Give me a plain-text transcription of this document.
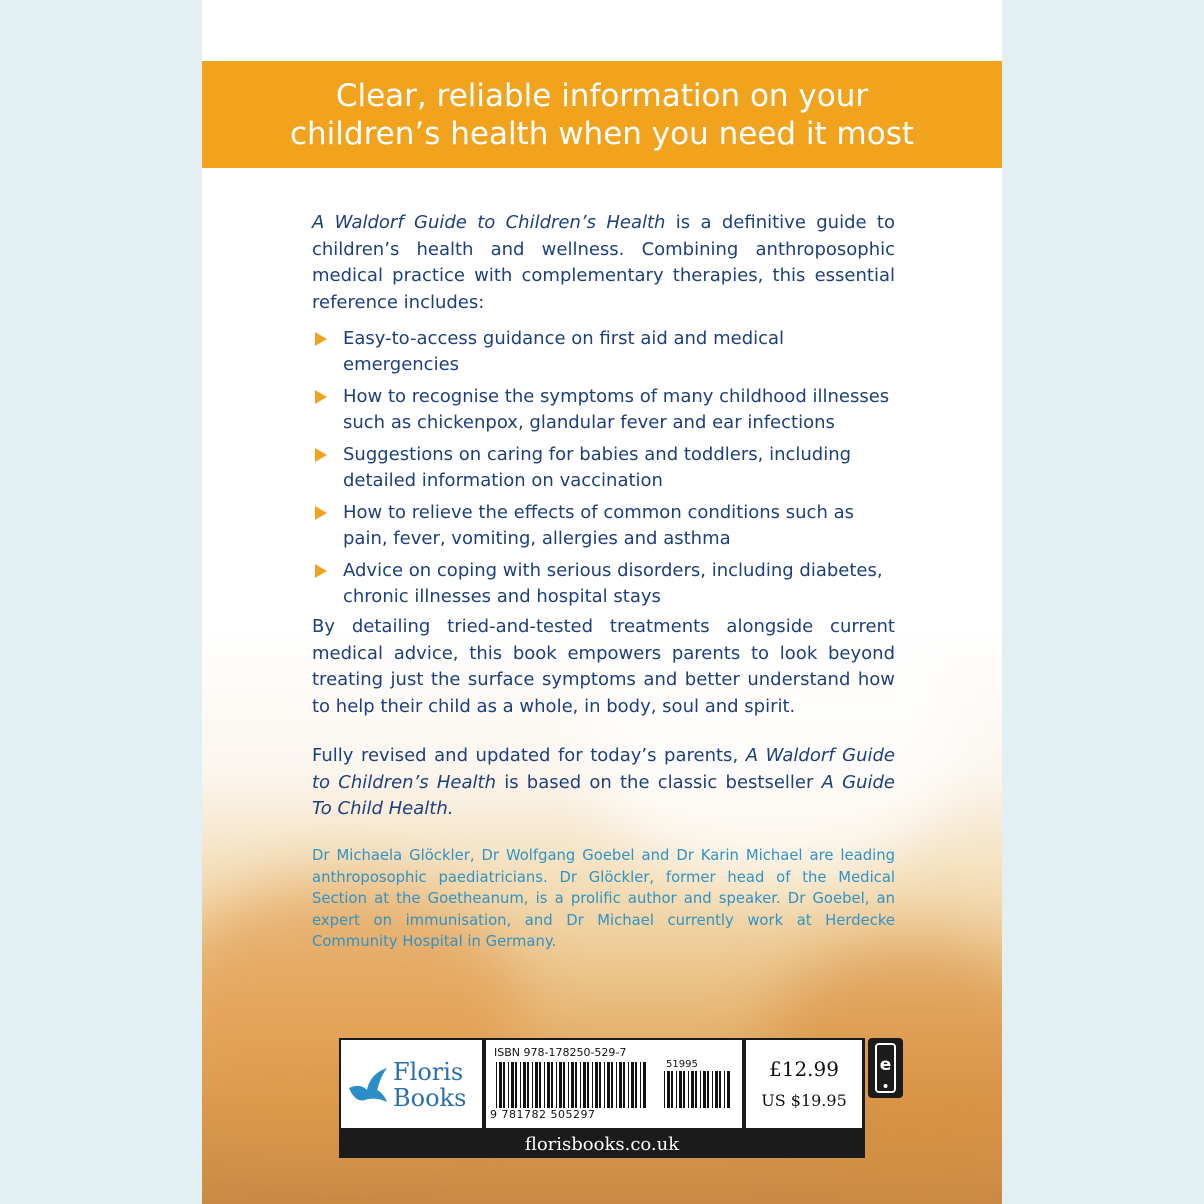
Clear, reliable information on your
children’s health when you need it most

A Waldorf Guide to Children’s Health is a definitive guide to children’s health and wellness. Combining anthroposophic medical practice with complementary therapies, this essential reference includes:

Easy-to-access guidance on first aid and medical emergencies
How to recognise the symptoms of many childhood illnesses such as chickenpox, glandular fever and ear infections
Suggestions on caring for babies and toddlers, including detailed information on vaccination
How to relieve the effects of common conditions such as pain, fever, vomiting, allergies and asthma
Advice on coping with serious disorders, including diabetes, chronic illnesses and hospital stays

By detailing tried-and-tested treatments alongside current medical advice, this book empowers parents to look beyond treating just the surface symptoms and better understand how to help their child as a whole, in body, soul and spirit.

Fully revised and updated for today’s parents, A Waldorf Guide to Children’s Health is based on the classic bestseller A Guide To Child Health.

Dr Michaela Glöckler, Dr Wolfgang Goebel and Dr Karin Michael are leading anthroposophic paediatricians. Dr Glöckler, former head of the Medical Section at the Goetheanum, is a prolific author and speaker. Dr Goebel, an expert on immunisation, and Dr Michael currently work at Herdecke Community Hospital in Germany.
Floris
Books
ISBN 978-178250-529-7
51995
9 781782 505297
£12.99
US $19.95
florisbooks.co.uk
e
